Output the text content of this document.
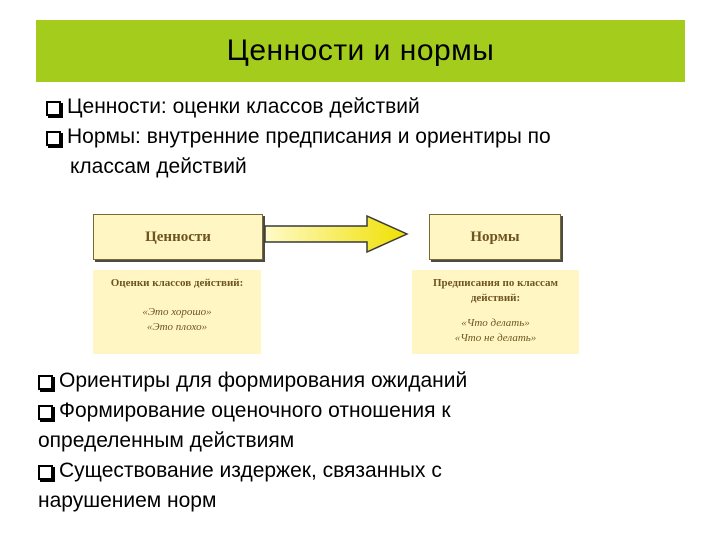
Ценности и нормы
Ценности: оценки классов действий
Нормы: внутренние предписания и ориентиры по
классам действий
Ценности	Нормы
Оценки классов действий:
«Это хорошо»
«Это плохо»
Предписания по классам
действий:
«Что делать»
«Что не делать»
Ориентиры для формирования ожиданий
Формирование оценочного отношения к
определенным действиям
Существование издержек, связанных с
нарушением норм
